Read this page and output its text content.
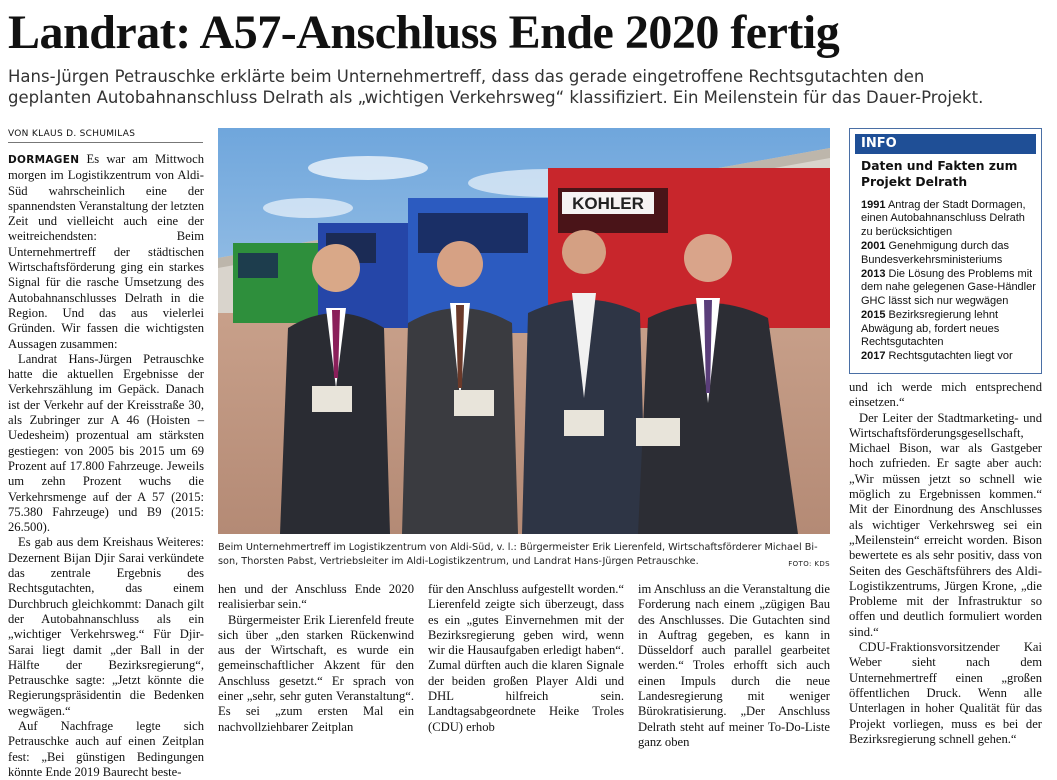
Landrat: A57-Anschluss Ende 2020 fertig
Hans-Jürgen Petrauschke erklärte beim Unternehmertreff, dass das gerade eingetroffene Rechtsgutachten den
geplanten Autobahnanschluss Delrath als „wichtigen Verkehrsweg“ klassifiziert. Ein Meilenstein für das Dauer-Projekt.
VON KLAUS D. SCHUMILAS

DORMAGEN Es war am Mittwoch morgen im Logistikzentrum von Aldi-Süd wahrscheinlich eine der spannendsten Veranstaltung der letzten Zeit und vielleicht auch eine der weitreichendsten: Beim Unternehmertreff der städtischen Wirtschaftsförderung ging ein starkes Signal für die rasche Umsetzung des Autobahnanschlusses Delrath in die Region. Und das aus vielerlei Gründen. Wir fassen die wichtigsten Aussagen zusammen:

Landrat Hans-Jürgen Petrauschke hatte die aktuellen Ergebnisse der Verkehrszählung im Gepäck. Danach ist der Verkehr auf der Kreisstraße 30, als Zubringer zur A 46 (Hoisten – Uedesheim) prozentual am stärksten gestiegen: von 2005 bis 2015 um 69 Prozent auf 17.800 Fahrzeuge. Jeweils um zehn Prozent wuchs die Verkehrsmenge auf der A 57 (2015: 75.380 Fahrzeuge) und B9 (2015: 26.500).

Es gab aus dem Kreishaus Weiteres: Dezernent Bijan Djir Sarai verkündete das zentrale Ergebnis des Rechtsgutachten, das einem Durchbruch gleichkommt: Danach gilt der Autobahnanschluss als ein „wichtiger Verkehrsweg.“ Für Djir-Sarai liegt damit „der Ball in der Hälfte der Bezirksregierung“, Petrauschke sagte: „Jetzt könnte die Regierungspräsidentin die Bedenken wegwägen.“

Auf Nachfrage legte sich Petrauschke auch auf einen Zeitplan fest: „Bei günstigen Bedingungen könnte Ende 2019 Baurecht beste-

KOHLER
Beim Unternehmertreff im Logistikzentrum von Aldi-Süd, v. l.: Bürgermeister Erik Lierenfeld, Wirtschaftsförderer Michael Bi-
son, Thorsten Pabst, Vertriebsleiter im Aldi-Logistikzentrum, und Landrat Hans-Jürgen Petrauschke.	FOTO: KDS

hen und der Anschluss Ende 2020 realisierbar sein.“

Bürgermeister Erik Lierenfeld freute sich über „den starken Rückenwind aus der Wirtschaft, es wurde ein gemeinschaftlicher Akzent für den Anschluss gesetzt.“ Er sprach von einer „sehr, sehr guten Veranstaltung“. Es sei „zum ersten Mal ein nachvollziehbarer Zeitplan

für den Anschluss aufgestellt worden.“ Lierenfeld zeigte sich überzeugt, dass es ein „gutes Einvernehmen mit der Bezirksregierung geben wird, wenn wir die Hausaufgaben erledigt haben“. Zumal dürften auch die klaren Signale der beiden großen Player Aldi und DHL hilfreich sein. Landtagsabgeordnete Heike Troles (CDU) erhob

im Anschluss an die Veranstaltung die Forderung nach einem „zügigen Bau des Anschlusses. Die Gutachten sind in Auftrag gegeben, es kann in Düsseldorf auch parallel gearbeitet werden.“ Troles erhofft sich auch einen Impuls durch die neue Landesregierung mit weniger Bürokratisierung. „Der Anschluss Delrath steht auf meiner To-Do-Liste ganz oben

INFO
Daten und Fakten zum Projekt Delrath
1991 Antrag der Stadt Dormagen, einen Autobahnanschluss Delrath zu berücksichtigen
2001 Genehmigung durch das Bundesverkehrsministeriums
2013 Die Lösung des Problems mit dem nahe gelegenen Gase-Händler GHC lässt sich nur wegwägen
2015 Bezirksregierung lehnt Abwägung ab, fordert neues Rechtsgutachten
2017 Rechtsgutachten liegt vor

und ich werde mich entsprechend einsetzen.“

Der Leiter der Stadtmarketing- und Wirtschaftsförderungsgesellschaft, Michael Bison, war als Gastgeber hoch zufrieden. Er sagte aber auch: „Wir müssen jetzt so schnell wie möglich zu Ergebnissen kommen.“ Mit der Einordnung des Anschlusses als wichtiger Verkehrsweg sei ein „Meilenstein“ erreicht worden. Bison bewertete es als sehr positiv, dass von Seiten des Geschäftsführers des Aldi-Logistikzentrums, Jürgen Krone, „die Probleme mit der Infrastruktur so offen und deutlich formuliert worden sind.“

CDU-Fraktionsvorsitzender Kai Weber sieht nach dem Unternehmertreff einen „großen öffentlichen Druck. Wenn alle Unterlagen in hoher Qualität für das Projekt vorliegen, muss es bei der Bezirksregierung schnell gehen.“
